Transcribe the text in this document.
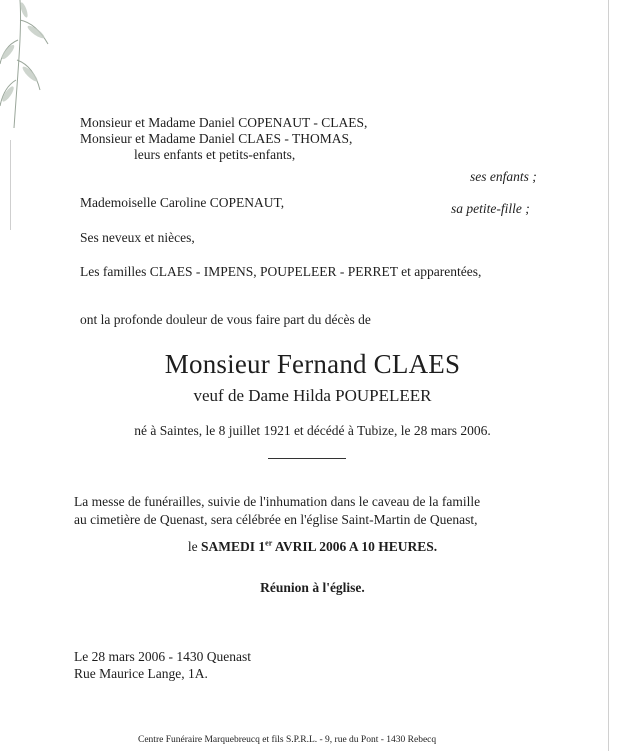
Monsieur et Madame Daniel COPENAUT - CLAES,
Monsieur et Madame Daniel CLAES - THOMAS,
leurs enfants et petits-enfants,
ses enfants ;
Mademoiselle Caroline COPENAUT,	sa petite-fille ;
Ses neveux et nièces,
Les familles CLAES - IMPENS, POUPELEER - PERRET et apparentées,
ont la profonde douleur de vous faire part du décès de
Monsieur Fernand CLAES
veuf de Dame Hilda POUPELEER
né à Saintes, le 8 juillet 1921 et décédé à Tubize, le 28 mars 2006.
La messe de funérailles, suivie de l'inhumation dans le caveau de la famille
au cimetière de Quenast, sera célébrée en l'église Saint-Martin de Quenast,
le SAMEDI 1er AVRIL 2006 A 10 HEURES.
Réunion à l'église.
Le 28 mars 2006 - 1430 Quenast
Rue Maurice Lange, 1A.
Centre Funéraire Marquebreucq et fils S.P.R.L. - 9, rue du Pont - 1430 Rebecq
